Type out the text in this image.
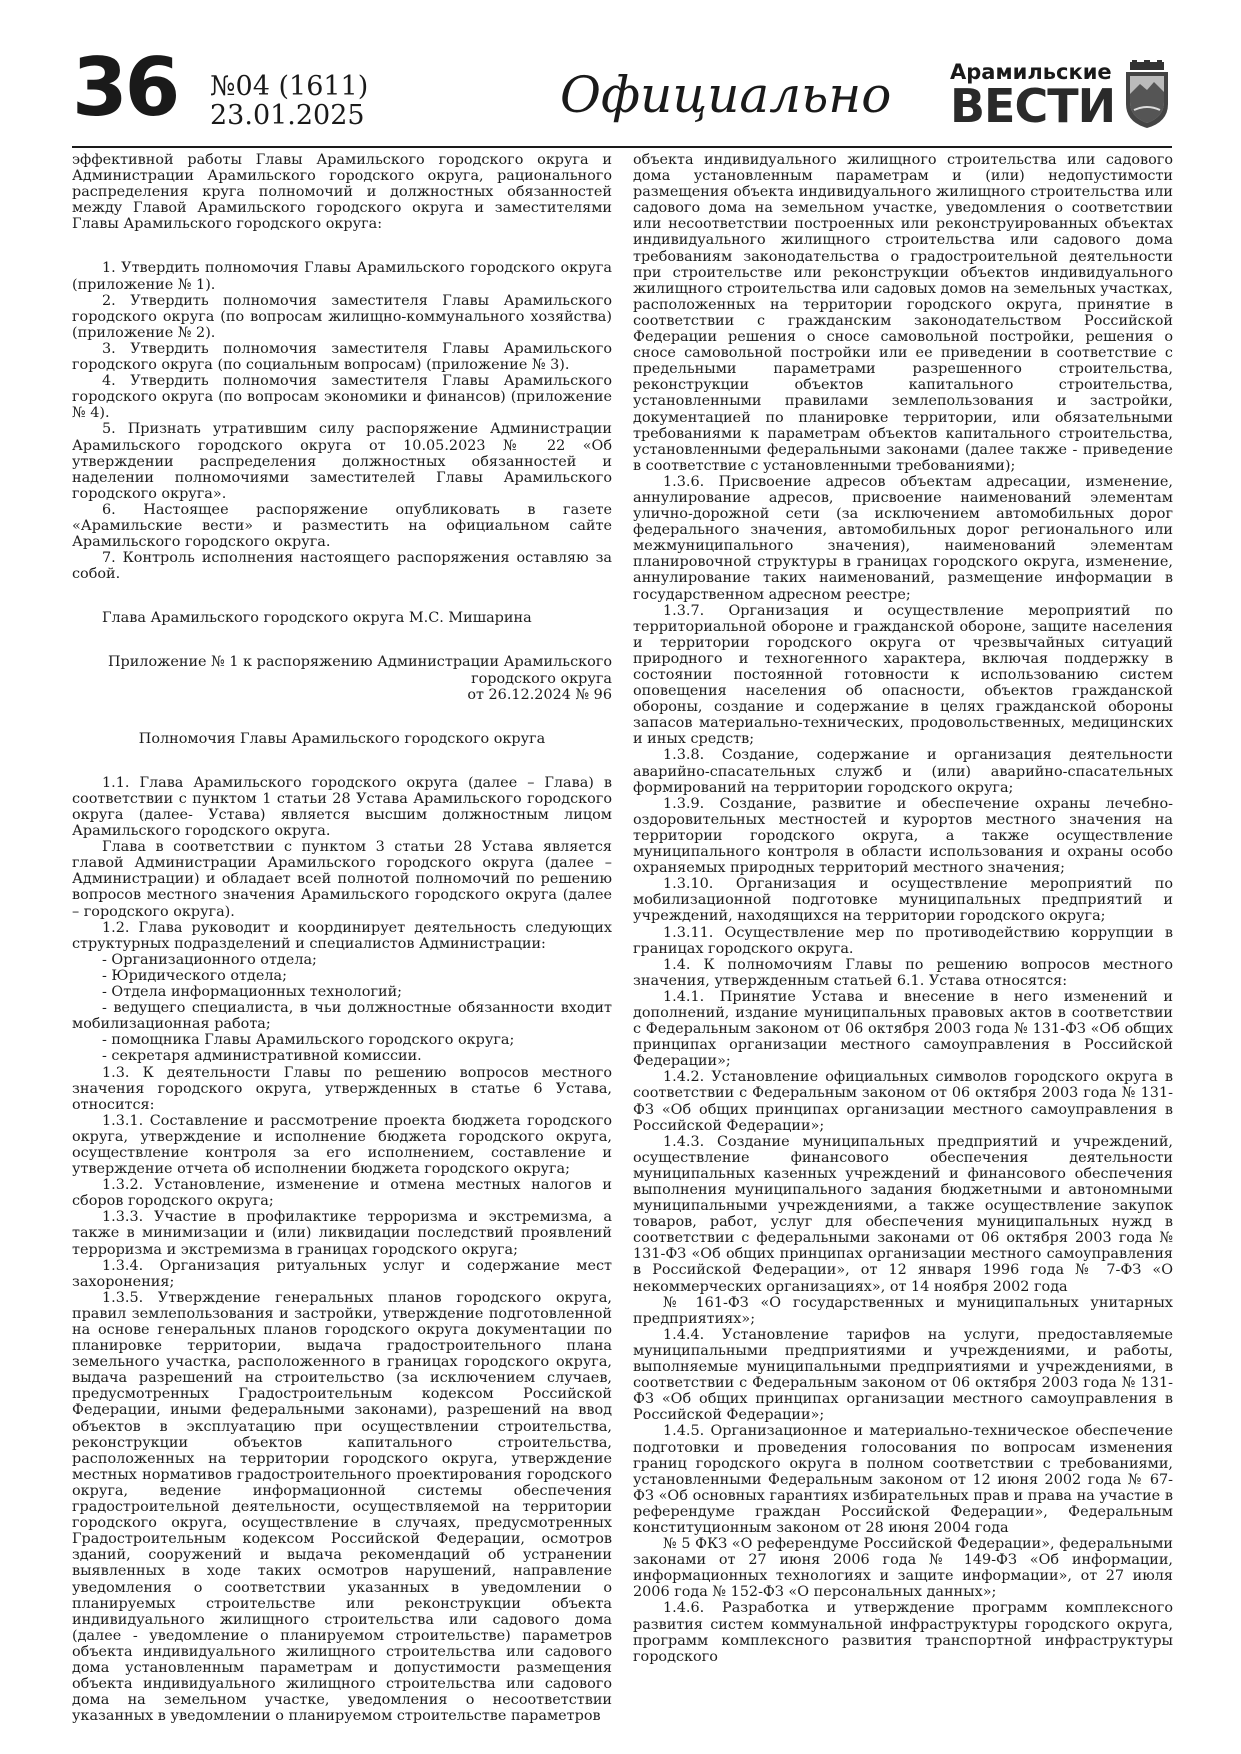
36 №04 (1611)
23.01.2025	Официально	Арамильские
ВЕСТИ

эффективной работы Главы Арамильского городского округа и Администрации Арамильского городского округа, рационального распределения круга полномочий и должностных обязанностей между Главой Арамильского городского округа и заместителями Главы Арамильского городского округа:

1. Утвердить полномочия Главы Арамильского городского округа (приложение № 1).

2. Утвердить полномочия заместителя Главы Арамильского городского округа (по вопросам жилищно-коммунального хозяйства) (приложение № 2).

3. Утвердить полномочия заместителя Главы Арамильского городского округа (по социальным вопросам) (приложение № 3).

4. Утвердить полномочия заместителя Главы Арамильского городского округа (по вопросам экономики и финансов) (приложение № 4).

5. Признать утратившим силу распоряжение Администрации Арамильского городского округа от 10.05.2023 № 22 «Об утверждении распределения должностных обязанностей и наделении полномочиями заместителей Главы Арамильского городского округа».

6. Настоящее распоряжение опубликовать в газете «Арамильские вести» и разместить на официальном сайте Арамильского городского округа.

7. Контроль исполнения настоящего распоряжения оставляю за собой.

Глава Арамильского городского округа М.С. Мишарина

Приложение № 1 к распоряжению Администрации Арамильского городского округа

от 26.12.2024 № 96

Полномочия Главы Арамильского городского округа

1.1. Глава Арамильского городского округа (далее – Глава) в соответствии с пунктом 1 статьи 28 Устава Арамильского городского округа (далее- Устава) является высшим должностным лицом Арамильского городского округа.

Глава в соответствии с пунктом 3 статьи 28 Устава является главой Администрации Арамильского городского округа (далее – Администрации) и обладает всей полнотой полномочий по решению вопросов местного значения Арамильского городского округа (далее – городского округа).

1.2. Глава руководит и координирует деятельность следующих структурных подразделений и специалистов Администрации:

- Организационного отдела;

- Юридического отдела;

- Отдела информационных технологий;

- ведущего специалиста, в чьи должностные обязанности входит мобилизационная работа;

- помощника Главы Арамильского городского округа;

- секретаря административной комиссии.

1.3. К деятельности Главы по решению вопросов местного значения городского округа, утвержденных в статье 6 Устава, относится:

1.3.1. Составление и рассмотрение проекта бюджета городского округа, утверждение и исполнение бюджета городского округа, осуществление контроля за его исполнением, составление и утверждение отчета об исполнении бюджета городского округа;

1.3.2. Установление, изменение и отмена местных налогов и сборов городского округа;

1.3.3. Участие в профилактике терроризма и экстремизма, а также в минимизации и (или) ликвидации последствий проявлений терроризма и экстремизма в границах городского округа;

1.3.4. Организация ритуальных услуг и содержание мест захоронения;

1.3.5. Утверждение генеральных планов городского округа, правил землепользования и застройки, утверждение подготовленной на основе генеральных планов городского округа документации по планировке территории, выдача градостроительного плана земельного участка, расположенного в границах городского округа, выдача разрешений на строительство (за исключением случаев, предусмотренных Градостроительным кодексом Российской Федерации, иными федеральными законами), разрешений на ввод объектов в эксплуатацию при осуществлении строительства, реконструкции объектов капитального строительства, расположенных на территории городского округа, утверждение местных нормативов градостроительного проектирования городского округа, ведение информационной системы обеспечения градостроительной деятельности, осуществляемой на территории городского округа, осуществление в случаях, предусмотренных Градостроительным кодексом Российской Федерации, осмотров зданий, сооружений и выдача рекомендаций об устранении выявленных в ходе таких осмотров нарушений, направление уведомления о соответствии указанных в уведомлении о планируемых строительстве или реконструкции объекта индивидуального жилищного строительства или садового дома (далее - уведомление о планируемом строительстве) параметров объекта индивидуального жилищного строительства или садового дома установленным параметрам и допустимости размещения объекта индивидуального жилищного строительства или садового дома на земельном участке, уведомления о несоответствии указанных в уведомлении о планируемом строительстве параметров

объекта индивидуального жилищного строительства или садового дома установленным параметрам и (или) недопустимости размещения объекта индивидуального жилищного строительства или садового дома на земельном участке, уведомления о соответствии или несоответствии построенных или реконструированных объектах индивидуального жилищного строительства или садового дома требованиям законодательства о градостроительной деятельности при строительстве или реконструкции объектов индивидуального жилищного строительства или садовых домов на земельных участках, расположенных на территории городского округа, принятие в соответствии с гражданским законодательством Российской Федерации решения о сносе самовольной постройки, решения о сносе самовольной постройки или ее приведении в соответствие с предельными параметрами разрешенного строительства, реконструкции объектов капитального строительства, установленными правилами землепользования и застройки, документацией по планировке территории, или обязательными требованиями к параметрам объектов капитального строительства, установленными федеральными законами (далее также - приведение в соответствие с установленными требованиями);

1.3.6. Присвоение адресов объектам адресации, изменение, аннулирование адресов, присвоение наименований элементам улично-дорожной сети (за исключением автомобильных дорог федерального значения, автомобильных дорог регионального или межмуниципального значения), наименований элементам планировочной структуры в границах городского округа, изменение, аннулирование таких наименований, размещение информации в государственном адресном реестре;

1.3.7. Организация и осуществление мероприятий по территориальной обороне и гражданской обороне, защите населения и территории городского округа от чрезвычайных ситуаций природного и техногенного характера, включая поддержку в состоянии постоянной готовности к использованию систем оповещения населения об опасности, объектов гражданской обороны, создание и содержание в целях гражданской обороны запасов материально-технических, продовольственных, медицинских и иных средств;

1.3.8. Создание, содержание и организация деятельности аварийно-спасательных служб и (или) аварийно-спасательных формирований на территории городского округа;

1.3.9. Создание, развитие и обеспечение охраны лечебно-оздоровительных местностей и курортов местного значения на территории городского округа, а также осуществление муниципального контроля в области использования и охраны особо охраняемых природных территорий местного значения;

1.3.10. Организация и осуществление мероприятий по мобилизационной подготовке муниципальных предприятий и учреждений, находящихся на территории городского округа;

1.3.11. Осуществление мер по противодействию коррупции в границах городского округа.

1.4. К полномочиям Главы по решению вопросов местного значения, утвержденным статьей 6.1. Устава относятся:

1.4.1. Принятие Устава и внесение в него изменений и дополнений, издание муниципальных правовых актов в соответствии с Федеральным законом от 06 октября 2003 года № 131-ФЗ «Об общих принципах организации местного самоуправления в Российской Федерации»;

1.4.2. Установление официальных символов городского округа в соответствии с Федеральным законом от 06 октября 2003 года № 131-ФЗ «Об общих принципах организации местного самоуправления в Российской Федерации»;

1.4.3. Создание муниципальных предприятий и учреждений, осуществление финансового обеспечения деятельности муниципальных казенных учреждений и финансового обеспечения выполнения муниципального задания бюджетными и автономными муниципальными учреждениями, а также осуществление закупок товаров, работ, услуг для обеспечения муниципальных нужд в соответствии с федеральными законами от 06 октября 2003 года № 131-ФЗ «Об общих принципах организации местного самоуправления в Российской Федерации», от 12 января 1996 года № 7-ФЗ «О некоммерческих организациях», от 14 ноября 2002 года

№ 161-ФЗ «О государственных и муниципальных унитарных предприятиях»;

1.4.4. Установление тарифов на услуги, предоставляемые муниципальными предприятиями и учреждениями, и работы, выполняемые муниципальными предприятиями и учреждениями, в соответствии с Федеральным законом от 06 октября 2003 года № 131-ФЗ «Об общих принципах организации местного самоуправления в Российской Федерации»;

1.4.5. Организационное и материально-техническое обеспечение подготовки и проведения голосования по вопросам изменения границ городского округа в полном соответствии с требованиями, установленными Федеральным законом от 12 июня 2002 года № 67-ФЗ «Об основных гарантиях избирательных прав и права на участие в референдуме граждан Российской Федерации», Федеральным конституционным законом от 28 июня 2004 года

№ 5 ФКЗ «О референдуме Российской Федерации», федеральными законами от 27 июня 2006 года № 149-ФЗ «Об информации, информационных технологиях и защите информации», от 27 июля 2006 года № 152-ФЗ «О персональных данных»;

1.4.6. Разработка и утверждение программ комплексного развития систем коммунальной инфраструктуры городского округа, программ комплексного развития транспортной инфраструктуры городского
